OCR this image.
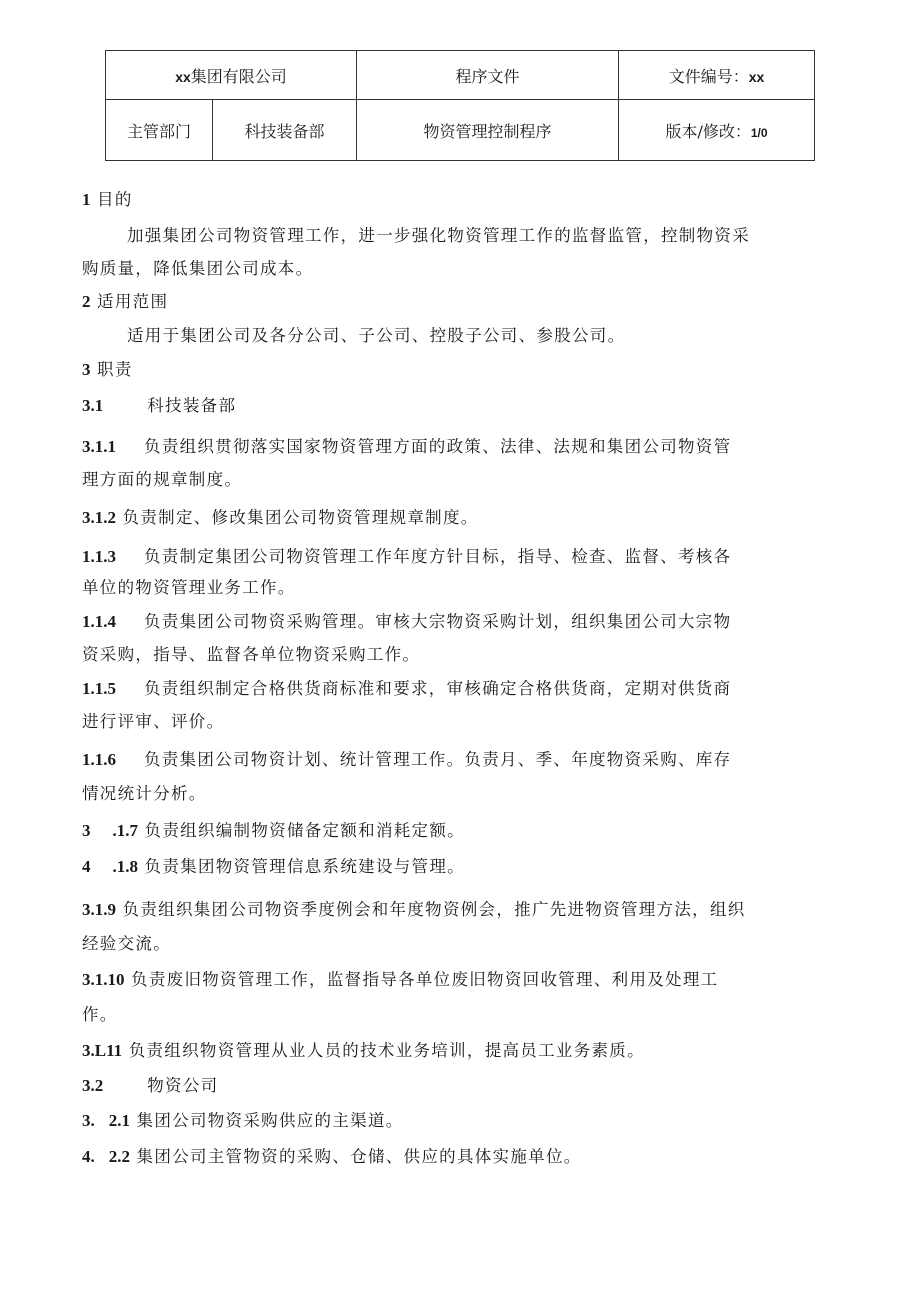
xx集团有限公司		程序文件	文件编号：xx
主管部门	科技装备部	物资管理控制程序	版本/修改：1/0
1 目的
加强集团公司物资管理工作，进一步强化物资管理工作的监督监管，控制物资采
购质量，降低集团公司成本。
2 适用范围
适用于集团公司及各分公司、子公司、控股子公司、参股公司。
3 职责
3.1	科技装备部
3.1.1 负责组织贯彻落实国家物资管理方面的政策、法律、法规和集团公司物资管
理方面的规章制度。
3.1.2 负责制定、修改集团公司物资管理规章制度。
1.1.3 负责制定集团公司物资管理工作年度方针目标，指导、检查、监督、考核各
单位的物资管理业务工作。
1.1.4 负责集团公司物资采购管理。审核大宗物资采购计划，组织集团公司大宗物
资采购，指导、监督各单位物资采购工作。
1.1.5 负责组织制定合格供货商标准和要求，审核确定合格供货商，定期对供货商
进行评审、评价。
1.1.6 负责集团公司物资计划、统计管理工作。负责月、季、年度物资采购、库存
情况统计分析。
3 .1.7 负责组织编制物资储备定额和消耗定额。
4 .1.8 负责集团物资管理信息系统建设与管理。
3.1.9 负责组织集团公司物资季度例会和年度物资例会，推广先进物资管理方法，组织
经验交流。
3.1.10 负责废旧物资管理工作，监督指导各单位废旧物资回收管理、利用及处理工
作。
3.L11 负责组织物资管理从业人员的技术业务培训，提高员工业务素质。
3.2	物资公司
3. 2.1 集团公司物资采购供应的主渠道。
4. 2.2 集团公司主管物资的采购、仓储、供应的具体实施单位。
